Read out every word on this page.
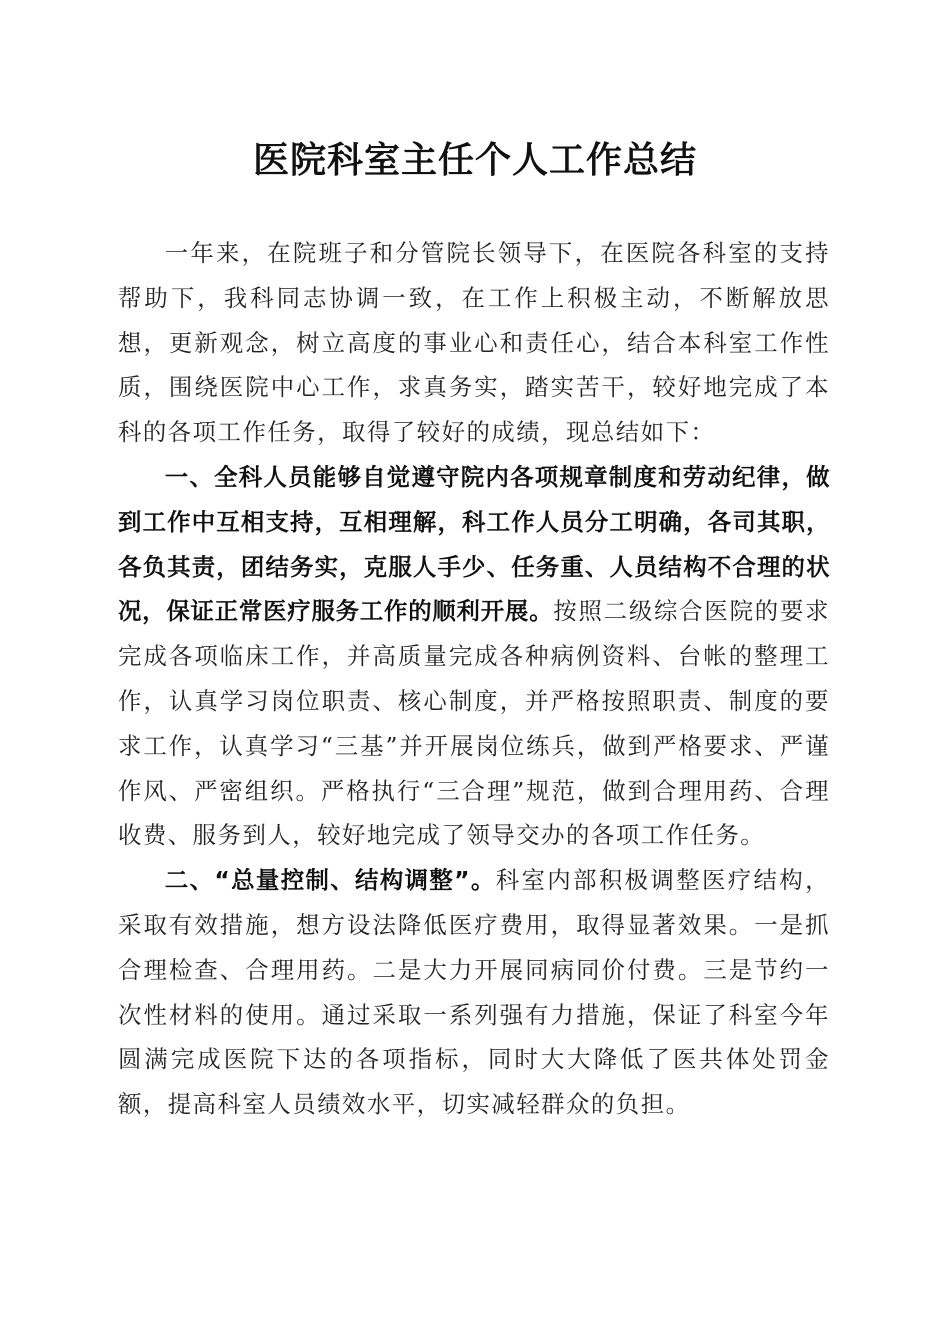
医院科室主任个人工作总结

一年来，在院班子和分管院长领导下，在医院各科室的支持帮助下，我科同志协调一致，在工作上积极主动，不断解放思想，更新观念，树立高度的事业心和责任心，结合本科室工作性质，围绕医院中心工作，求真务实，踏实苦干，较好地完成了本科的各项工作任务，取得了较好的成绩，现总结如下：

一、全科人员能够自觉遵守院内各项规章制度和劳动纪律，做到工作中互相支持，互相理解，科工作人员分工明确，各司其职，各负其责，团结务实，克服人手少、任务重、人员结构不合理的状况，保证正常医疗服务工作的顺利开展。按照二级综合医院的要求完成各项临床工作，并高质量完成各种病例资料、台帐的整理工作，认真学习岗位职责、核心制度，并严格按照职责、制度的要求工作，认真学习“三基”并开展岗位练兵，做到严格要求、严谨作风、严密组织。严格执行“三合理”规范，做到合理用药、合理收费、服务到人，较好地完成了领导交办的各项工作任务。

二、“总量控制、结构调整”。科室内部积极调整医疗结构，采取有效措施，想方设法降低医疗费用，取得显著效果。一是抓合理检查、合理用药。二是大力开展同病同价付费。三是节约一次性材料的使用。通过采取一系列强有力措施，保证了科室今年圆满完成医院下达的各项指标，同时大大降低了医共体处罚金额，提高科室人员绩效水平，切实减轻群众的负担。
